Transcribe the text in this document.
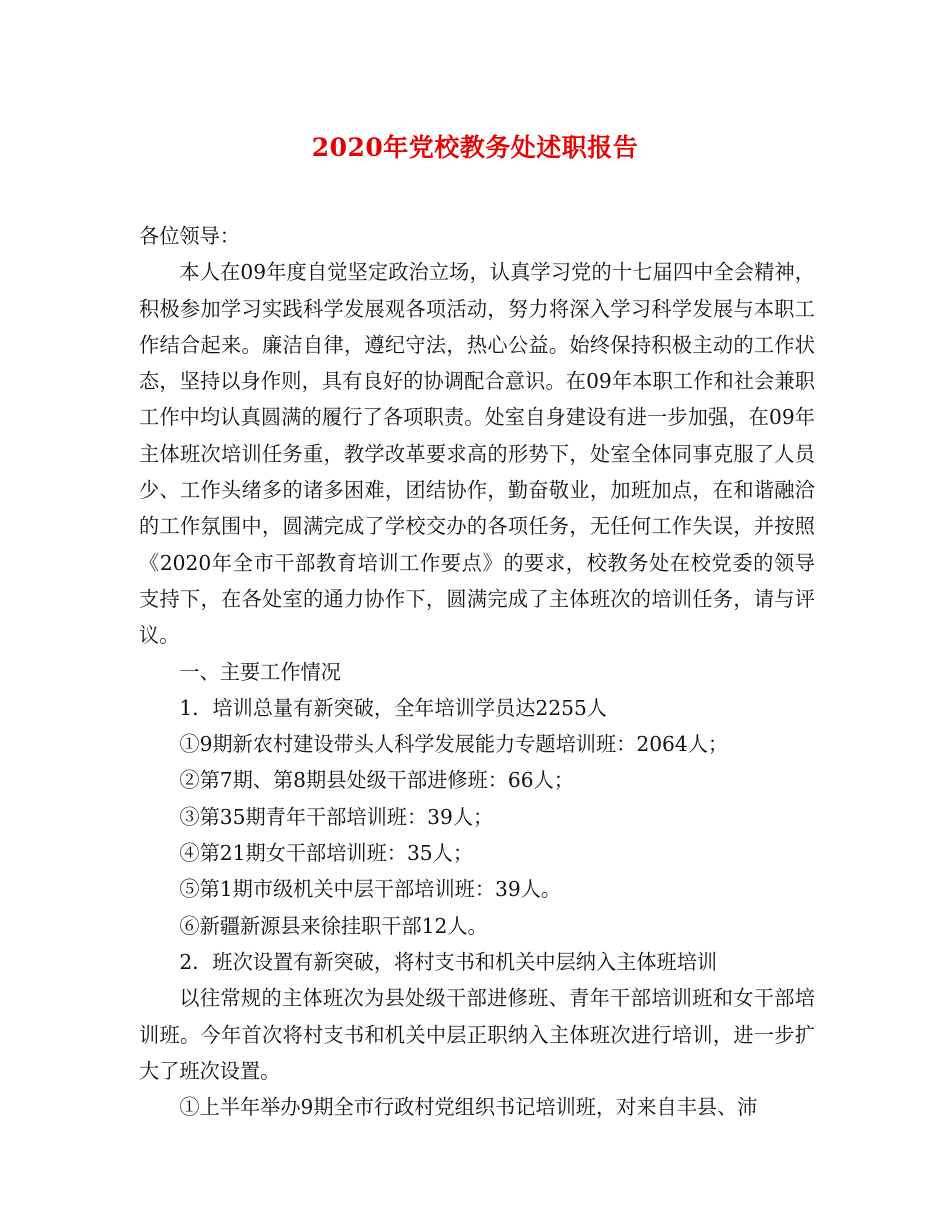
2020年党校教务处述职报告

各位领导：

本人在09年度自觉坚定政治立场，认真学习党的十七届四中全会精神，积极参加学习实践科学发展观各项活动，努力将深入学习科学发展与本职工作结合起来。廉洁自律，遵纪守法，热心公益。始终保持积极主动的工作状态，坚持以身作则，具有良好的协调配合意识。在09年本职工作和社会兼职工作中均认真圆满的履行了各项职责。处室自身建设有进一步加强，在09年主体班次培训任务重，教学改革要求高的形势下，处室全体同事克服了人员少、工作头绪多的诸多困难，团结协作，勤奋敬业，加班加点，在和谐融洽的工作氛围中，圆满完成了学校交办的各项任务，无任何工作失误，并按照《2020年全市干部教育培训工作要点》的要求，校教务处在校党委的领导支持下，在各处室的通力协作下，圆满完成了主体班次的培训任务，请与评议。

一、主要工作情况

1．培训总量有新突破，全年培训学员达2255人

①9期新农村建设带头人科学发展能力专题培训班：2064人；

②第7期、第8期县处级干部进修班：66人；

③第35期青年干部培训班：39人；

④第21期女干部培训班：35人；

⑤第1期市级机关中层干部培训班：39人。

⑥新疆新源县来徐挂职干部12人。

2．班次设置有新突破，将村支书和机关中层纳入主体班培训

以往常规的主体班次为县处级干部进修班、青年干部培训班和女干部培训班。今年首次将村支书和机关中层正职纳入主体班次进行培训，进一步扩大了班次设置。

①上半年举办9期全市行政村党组织书记培训班，对来自丰县、沛
